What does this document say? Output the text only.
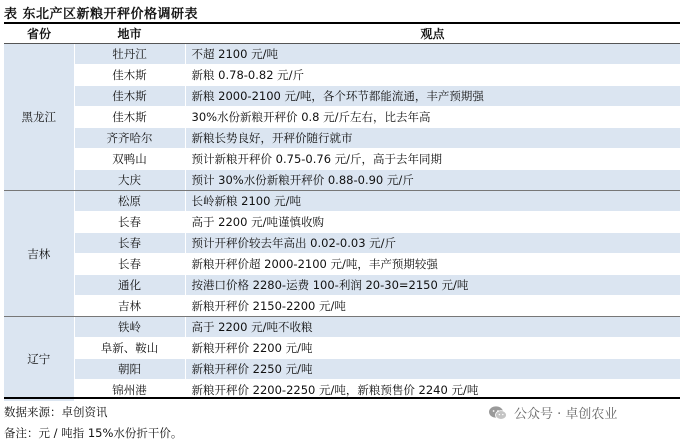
表 东北产区新粮开秤价格调研表
省份	地市	观点
黑龙江	牡丹江	不超 2100 元/吨
	佳木斯	新粮 0.78-0.82 元/斤
	佳木斯	新粮 2000-2100 元/吨，各个环节都能流通，丰产预期强
	佳木斯	30%水份新粮开秤价 0.8 元/斤左右，比去年高
	齐齐哈尔	新粮长势良好，开秤价随行就市
	双鸭山	预计新粮开秤价 0.75-0.76 元/斤，高于去年同期
	大庆	预计 30%水份新粮开秤价 0.88-0.90 元/斤
吉林	松原	长岭新粮 2100 元/吨
	长春	高于 2200 元/吨谨慎收购
	长春	预计开秤价较去年高出 0.02-0.03 元/斤
	长春	新粮开秤价超 2000-2100 元/吨，丰产预期较强
	通化	按港口价格 2280-运费 100-利润 20-30=2150 元/吨
	吉林	新粮开秤价 2150-2200 元/吨
辽宁	铁岭	高于 2200 元/吨不收粮
	阜新、鞍山	新粮开秤价 2200 元/吨
	朝阳	新粮开秤价 2250 元/吨
	锦州港	新粮开秤价 2200-2250 元/吨，新粮预售价 2240 元/吨
数据来源：卓创资讯
备注：元 / 吨指 15%水份折干价。
公众号 · 卓创农业
